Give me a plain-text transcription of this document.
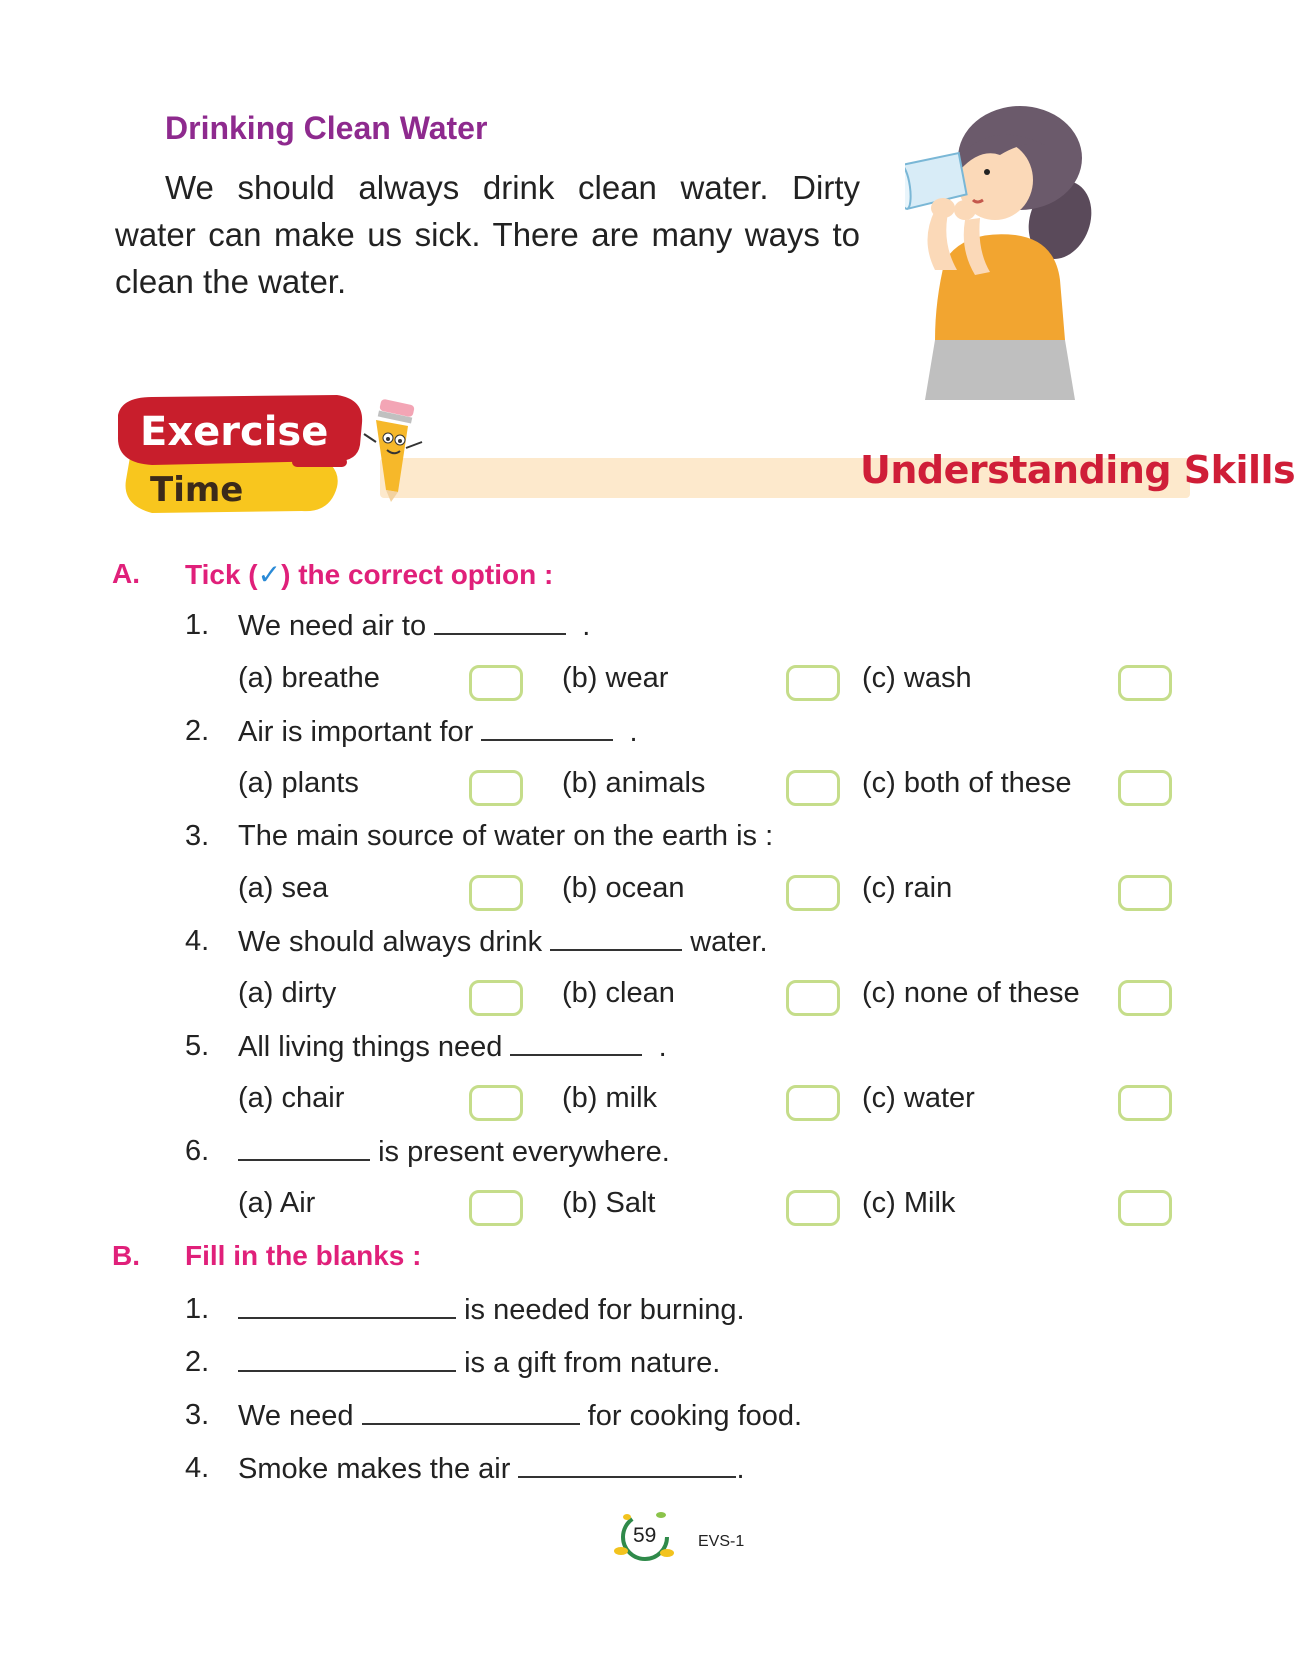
Drinking Clean Water
We should always drink clean water. Dirty water can make us sick. There are many ways to clean the water.
Exercise
Time	Understanding Skills
A. Tick (✓) the correct option :
1. We need air to	.
(a) breathe	(b) wear	(c) wash
2. Air is important for	.
(a) plants	(b) animals	(c) both of these
3. The main source of water on the earth is :
(a) sea	(b) ocean	(c) rain
4. We should always drink	water.
(a) dirty	(b) clean	(c) none of these
5. All living things need	.
(a) chair	(b) milk	(c) water
6.	is present everywhere.
(a) Air	(b) Salt	(c) Milk
B. Fill in the blanks :
1.	is needed for burning.
2.	is a gift from nature.
3. We need	for cooking food.
4. Smoke makes the air	.
59	EVS-1
